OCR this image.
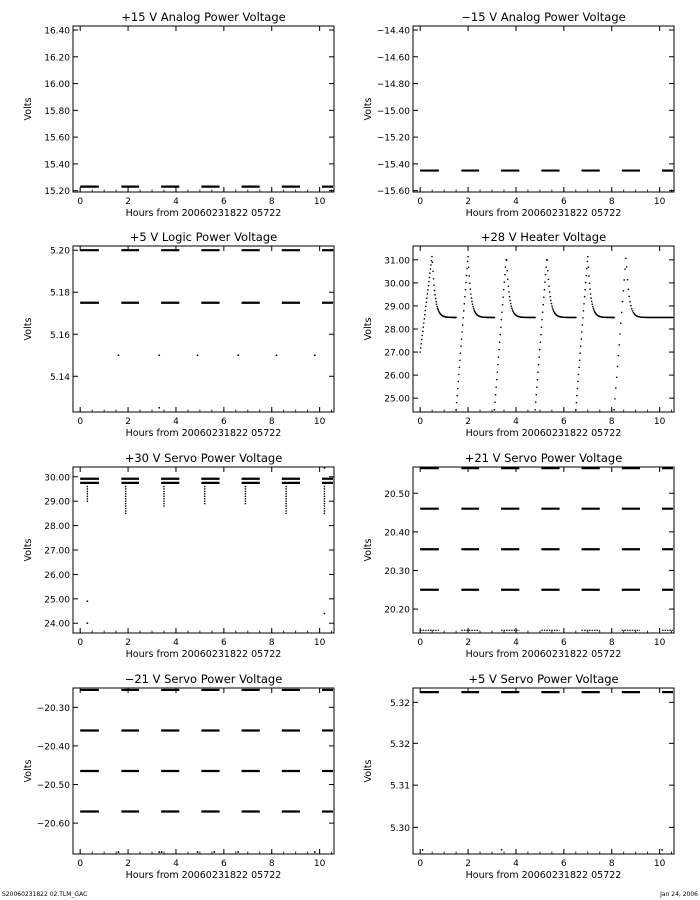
+15 V Analog Power Voltage
0	2	4	6	8	10
15.20
15.40
15.60
15.80
16.00
16.20
16.40
Hours from 20060231822 05722
Volts
−15 V Analog Power Voltage
0	2	4	6	8	10
−15.60
−15.40
−15.20
−15.00
−14.80
−14.60
−14.40
Hours from 20060231822 05722
Volts
+5 V Logic Power Voltage
0	2	4	6	8	10
5.14
5.16
5.18
5.20
Hours from 20060231822 05722
Volts
+28 V Heater Voltage
0	2	4	6	8	10
25.00
26.00
27.00
28.00
29.00
30.00
31.00
Hours from 20060231822 05722
Volts
+30 V Servo Power Voltage
0	2	4	6	8	10
24.00
25.00
26.00
27.00
28.00
29.00
30.00
Hours from 20060231822 05722
Volts
+21 V Servo Power Voltage
0	2	4	6	8	10
20.20
20.30
20.40
20.50
Hours from 20060231822 05722
Volts
−21 V Servo Power Voltage
0	2	4	6	8	10
−20.60
−20.50
−20.40
−20.30
Hours from 20060231822 05722
Volts
+5 V Servo Power Voltage
0	2	4	6	8	10
5.30
5.31
5.32
5.32
Hours from 20060231822 05722
Volts
S20060231822 02.TLM_GAC	Jan 24, 2006
